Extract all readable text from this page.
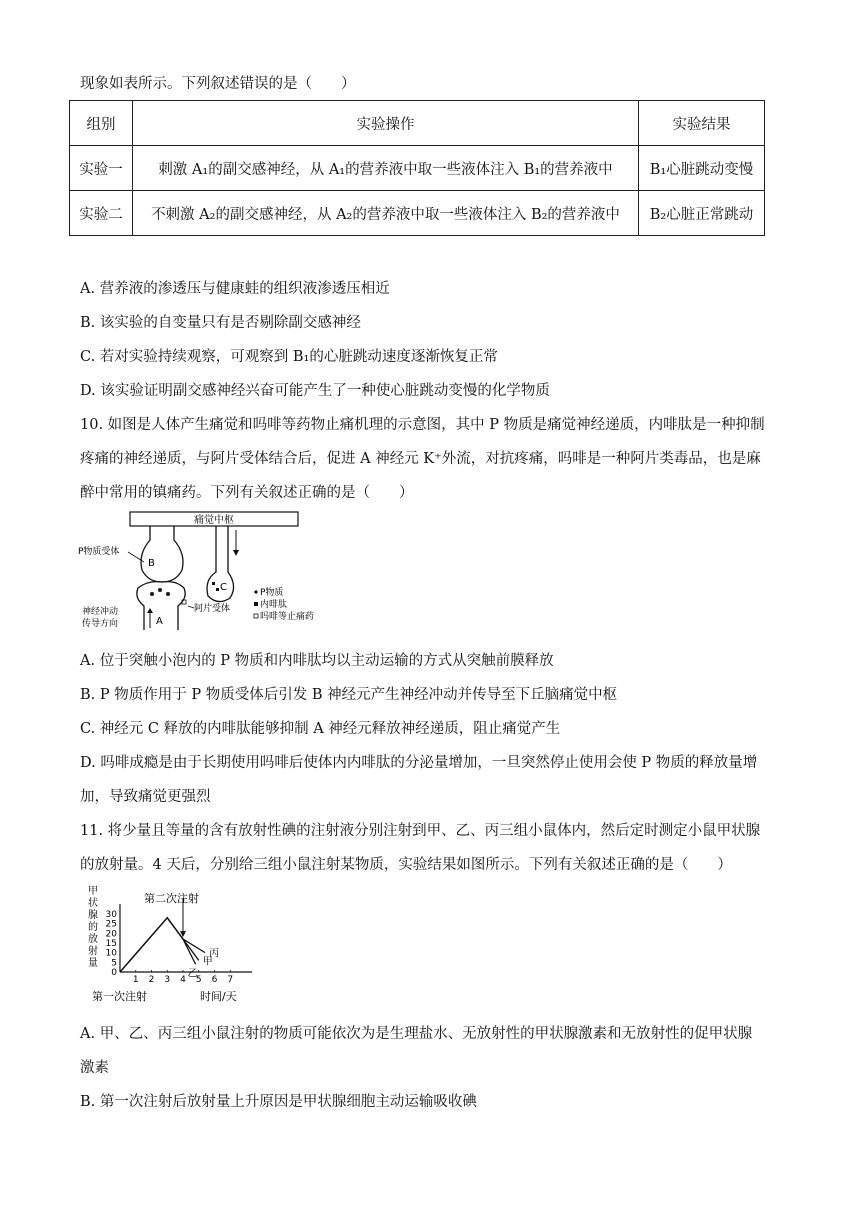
现象如表所示。下列叙述错误的是（　　）
组别	实验操作	实验结果
实验一	刺激 A₁的副交感神经，从 A₁的营养液中取一些液体注入 B₁的营养液中	B₁心脏跳动变慢
实验二	不刺激 A₂的副交感神经，从 A₂的营养液中取一些液体注入 B₂的营养液中	B₂心脏正常跳动
A. 营养液的渗透压与健康蛙的组织液渗透压相近
B. 该实验的自变量只有是否剔除副交感神经
C. 若对实验持续观察，可观察到 B₁的心脏跳动速度逐渐恢复正常
D. 该实验证明副交感神经兴奋可能产生了一种使心脏跳动变慢的化学物质
10. 如图是人体产生痛觉和吗啡等药物止痛机理的示意图，其中 P 物质是痛觉神经递质，内啡肽是一种抑制
疼痛的神经递质，与阿片受体结合后，促进 A 神经元 K⁺外流，对抗疼痛，吗啡是一种阿片类毒品，也是麻
醉中常用的镇痛药。下列有关叙述正确的是（　　）
痛觉中枢
B
P物质受体
A
神经冲动
传导方向
阿片受体
C	P物质
内啡肽
吗啡等止痛药
A. 位于突触小泡内的 P 物质和内啡肽均以主动运输的方式从突触前膜释放
B. P 物质作用于 P 物质受体后引发 B 神经元产生神经冲动并传导至下丘脑痛觉中枢
C. 神经元 C 释放的内啡肽能够抑制 A 神经元释放神经递质，阻止痛觉产生
D. 吗啡成瘾是由于长期使用吗啡后使体内内啡肽的分泌量增加，一旦突然停止使用会使 P 物质的释放量增
加，导致痛觉更强烈
11. 将少量且等量的含有放射性碘的注射液分别注射到甲、乙、丙三组小鼠体内，然后定时测定小鼠甲状腺
的放射量。4 天后，分别给三组小鼠注射某物质，实验结果如图所示。下列有关叙述正确的是（　　）
甲
状
腺
的
放
射
量
第二次注射
第一次注射	时间/天
0
5
10
15
20
25
30
1 2 3 4 5 6 7
丙
甲
乙
A. 甲、乙、丙三组小鼠注射的物质可能依次为是生理盐水、无放射性的甲状腺激素和无放射性的促甲状腺
激素
B. 第一次注射后放射量上升原因是甲状腺细胞主动运输吸收碘
